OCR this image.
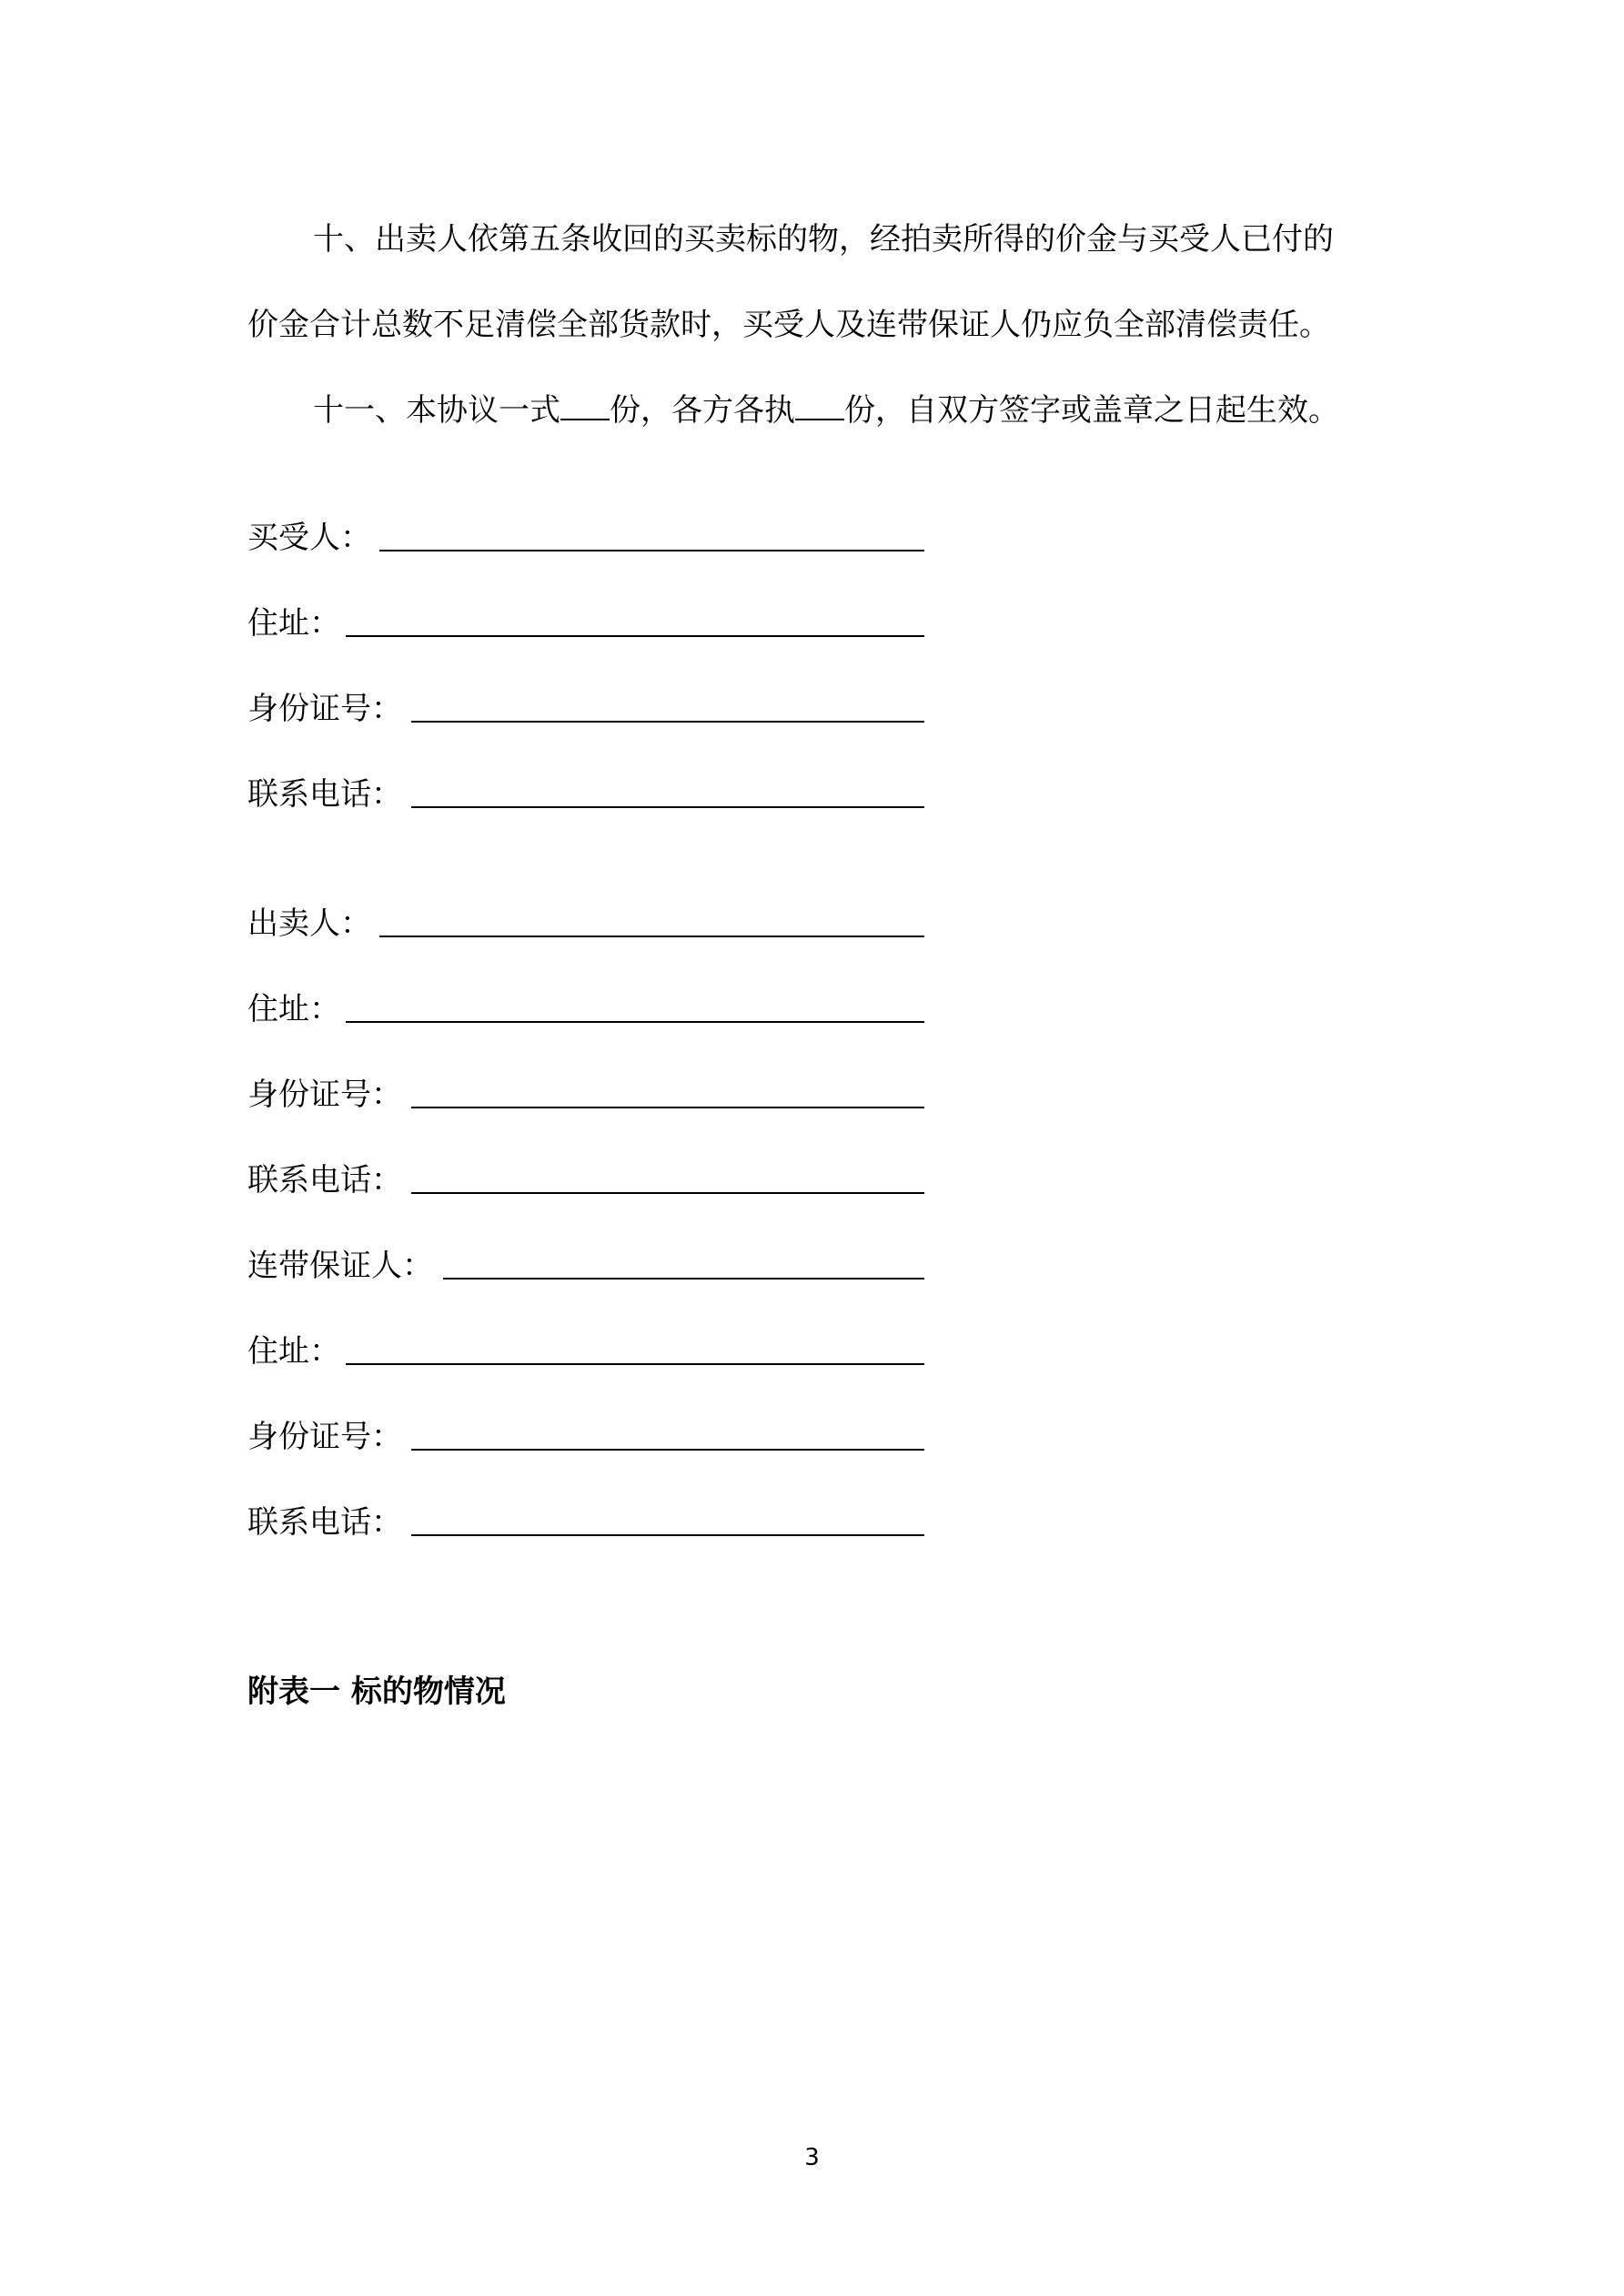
十、出卖人依第五条收回的买卖标的物，经拍卖所得的价金与买受人已付的
价金合计总数不足清偿全部货款时，买受人及连带保证人仍应负全部清偿责任。
十一、本协议一式 份，各方各执 份，自双方签字或盖章之日起生效。
买受人：
住址：
身份证号：
联系电话：
出卖人：
住址：
身份证号：
联系电话：
连带保证人：
住址：
身份证号：
联系电话：
附表一 标的物情况
3
